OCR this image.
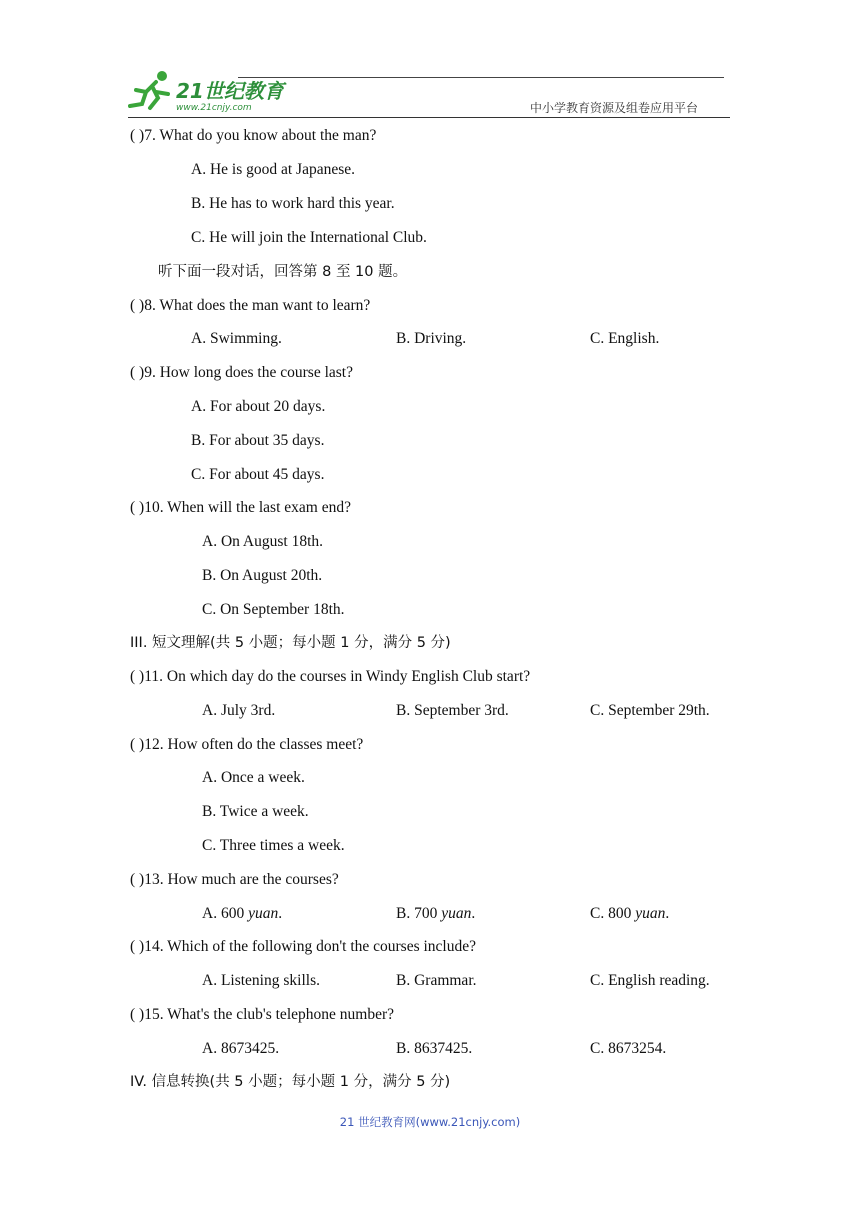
21世纪教育
www.21cnjy.com	中小学教育资源及组卷应用平台
( )7. What do you know about the man?
A. He is good at Japanese.
B. He has to work hard this year.
C. He will join the International Club.
听下面一段对话，回答第 8 至 10 题。
( )8. What does the man want to learn?
A. Swimming.	B. Driving.	C. English.
( )9. How long does the course last?
A. For about 20 days.
B. For about 35 days.
C. For about 45 days.
( )10. When will the last exam end?
A. On August 18th.
B. On August 20th.
C. On September 18th.
III. 短文理解(共 5 小题；每小题 1 分，满分 5 分)
( )11. On which day do the courses in Windy English Club start?
A. July 3rd.	B. September 3rd.	C. September 29th.
( )12. How often do the classes meet?
A. Once a week.
B. Twice a week.
C. Three times a week.
( )13. How much are the courses?
A. 600 yuan.	B. 700 yuan.	C. 800 yuan.
( )14. Which of the following don't the courses include?
A. Listening skills.	B. Grammar.	C. English reading.
( )15. What's the club's telephone number?
A. 8673425.	B. 8637425.	C. 8673254.
IV. 信息转换(共 5 小题；每小题 1 分，满分 5 分)
21 世纪教育网(www.21cnjy.com)
